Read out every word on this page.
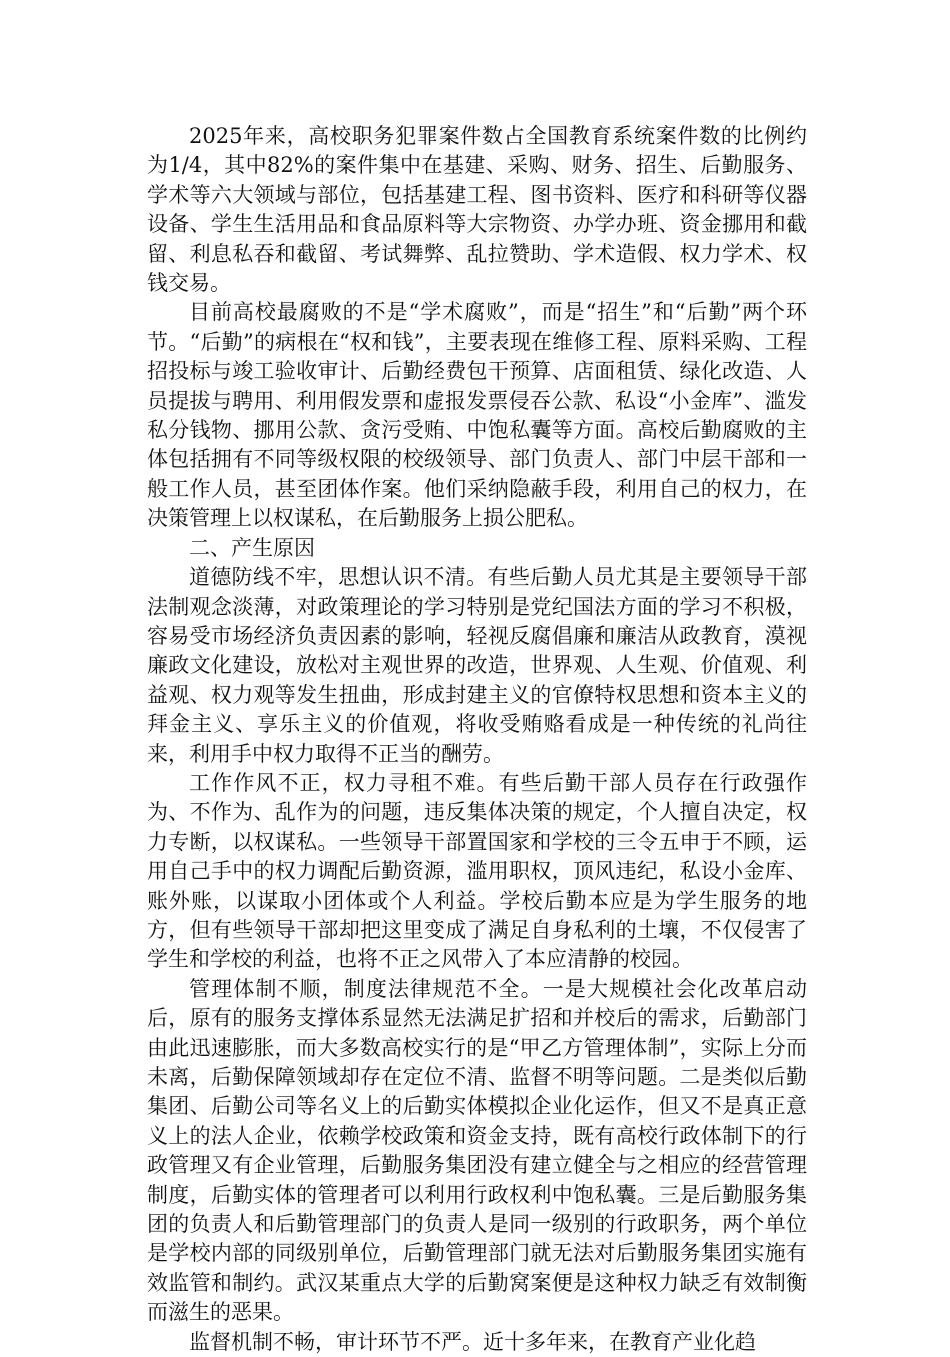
2025年来，高校职务犯罪案件数占全国教育系统案件数的比例约为1/4，其中82%的案件集中在基建、采购、财务、招生、后勤服务、学术等六大领域与部位，包括基建工程、图书资料、医疗和科研等仪器设备、学生生活用品和食品原料等大宗物资、办学办班、资金挪用和截留、利息私吞和截留、考试舞弊、乱拉赞助、学术造假、权力学术、权钱交易。

目前高校最腐败的不是“学术腐败”，而是“招生”和“后勤”两个环节。“后勤”的病根在“权和钱”，主要表现在维修工程、原料采购、工程招投标与竣工验收审计、后勤经费包干预算、店面租赁、绿化改造、人员提拔与聘用、利用假发票和虚报发票侵吞公款、私设“小金库”、滥发私分钱物、挪用公款、贪污受贿、中饱私囊等方面。高校后勤腐败的主体包括拥有不同等级权限的校级领导、部门负责人、部门中层干部和一般工作人员，甚至团体作案。他们采纳隐蔽手段，利用自己的权力，在决策管理上以权谋私，在后勤服务上损公肥私。

二、产生原因

道德防线不牢，思想认识不清。有些后勤人员尤其是主要领导干部法制观念淡薄，对政策理论的学习特别是党纪国法方面的学习不积极，容易受市场经济负责因素的影响，轻视反腐倡廉和廉洁从政教育，漠视廉政文化建设，放松对主观世界的改造，世界观、人生观、价值观、利益观、权力观等发生扭曲，形成封建主义的官僚特权思想和资本主义的拜金主义、享乐主义的价值观，将收受贿赂看成是一种传统的礼尚往来，利用手中权力取得不正当的酬劳。

工作作风不正，权力寻租不难。有些后勤干部人员存在行政强作为、不作为、乱作为的问题，违反集体决策的规定，个人擅自决定，权力专断，以权谋私。一些领导干部置国家和学校的三令五申于不顾，运用自己手中的权力调配后勤资源，滥用职权，顶风违纪，私设小金库、账外账，以谋取小团体或个人利益。学校后勤本应是为学生服务的地方，但有些领导干部却把这里变成了满足自身私利的土壤，不仅侵害了学生和学校的利益，也将不正之风带入了本应清静的校园。

管理体制不顺，制度法律规范不全。一是大规模社会化改革启动后，原有的服务支撑体系显然无法满足扩招和并校后的需求，后勤部门由此迅速膨胀，而大多数高校实行的是“甲乙方管理体制”，实际上分而未离，后勤保障领域却存在定位不清、监督不明等问题。二是类似后勤集团、后勤公司等名义上的后勤实体模拟企业化运作，但又不是真正意义上的法人企业，依赖学校政策和资金支持，既有高校行政体制下的行政管理又有企业管理，后勤服务集团没有建立健全与之相应的经营管理制度，后勤实体的管理者可以利用行政权利中饱私囊。三是后勤服务集团的负责人和后勤管理部门的负责人是同一级别的行政职务，两个单位是学校内部的同级别单位，后勤管理部门就无法对后勤服务集团实施有效监管和制约。武汉某重点大学的后勤窝案便是这种权力缺乏有效制衡而滋生的恶果。

监督机制不畅，审计环节不严。近十多年来，在教育产业化趋
